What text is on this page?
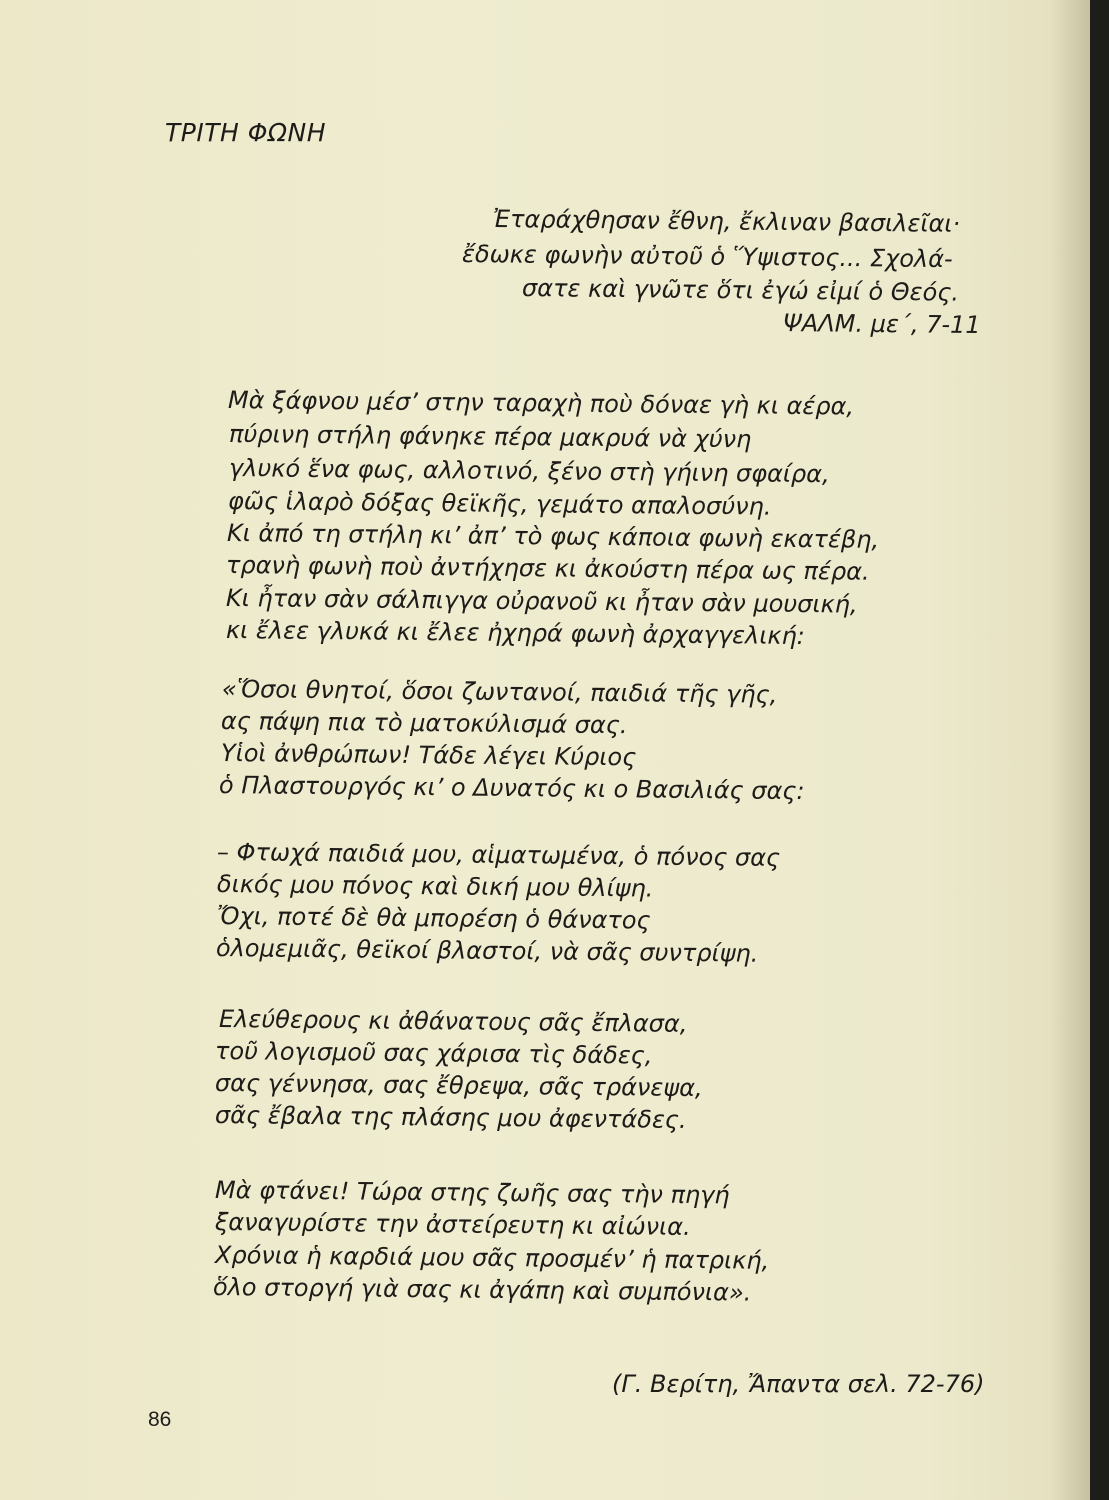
ΤΡΙΤΗ ΦΩΝΗ
Ἐταράχθησαν ἔθνη, ἔκλιναν βασιλεῖαι·
ἔδωκε φωνὴν αὐτοῦ ὁ Ὕψιστος... Σχολά-
σατε καὶ γνῶτε ὅτι ἐγώ εἰμί ὁ Θεός.
ΨΑΛΜ. με΄, 7-11
Μὰ ξάφνου μέσ’ στην ταραχὴ ποὺ δόναε γὴ κι αέρα,
πύρινη στήλη φάνηκε πέρα μακρυά νὰ χύνη
γλυκό ἕνα φως, αλλοτινό, ξένο στὴ γήινη σφαίρα,
φῶς ἱλαρὸ δόξας θεϊκῆς, γεμάτο απαλοσύνη.
Κι ἀπό τη στήλη κι’ ἀπ’ τὸ φως κάποια φωνὴ εκατέβη,
τρανὴ φωνὴ ποὺ ἀντήχησε κι ἀκούστη πέρα ως πέρα.
Κι ἦταν σὰν σάλπιγγα οὐρανοῦ κι ἦταν σὰν μουσική,
κι ἔλεε γλυκά κι ἔλεε ἠχηρά φωνὴ ἀρχαγγελική:
«Ὅσοι θνητοί, ὅσοι ζωντανοί, παιδιά τῆς γῆς,
ας πάψη πια τὸ ματοκύλισμά σας.
Υἱοὶ ἀνθρώπων! Τάδε λέγει Κύριος
ὁ Πλαστουργός κι’ ο Δυνατός κι ο Βασιλιάς σας:
– Φτωχά παιδιά μου, αἱματωμένα, ὁ πόνος σας
δικός μου πόνος καὶ δική μου θλίψη.
Ὄχι, ποτέ δὲ θὰ μπορέση ὁ θάνατος
ὁλομεμιᾶς, θεϊκοί βλαστοί, νὰ σᾶς συντρίψη.
Ελεύθερους κι ἀθάνατους σᾶς ἔπλασα,
τοῦ λογισμοῦ σας χάρισα τὶς δάδες,
σας γέννησα, σας ἔθρεψα, σᾶς τράνεψα,
σᾶς ἔβαλα της πλάσης μου ἀφεντάδες.
Μὰ φτάνει! Τώρα στης ζωῆς σας τὴν πηγή
ξαναγυρίστε την ἀστείρευτη κι αἰώνια.
Χρόνια ἡ καρδιά μου σᾶς προσμέν’ ἡ πατρική,
ὅλο στοργή γιὰ σας κι ἀγάπη καὶ συμπόνια».
(Γ. Βερίτη, Ἄπαντα σελ. 72-76)
86
